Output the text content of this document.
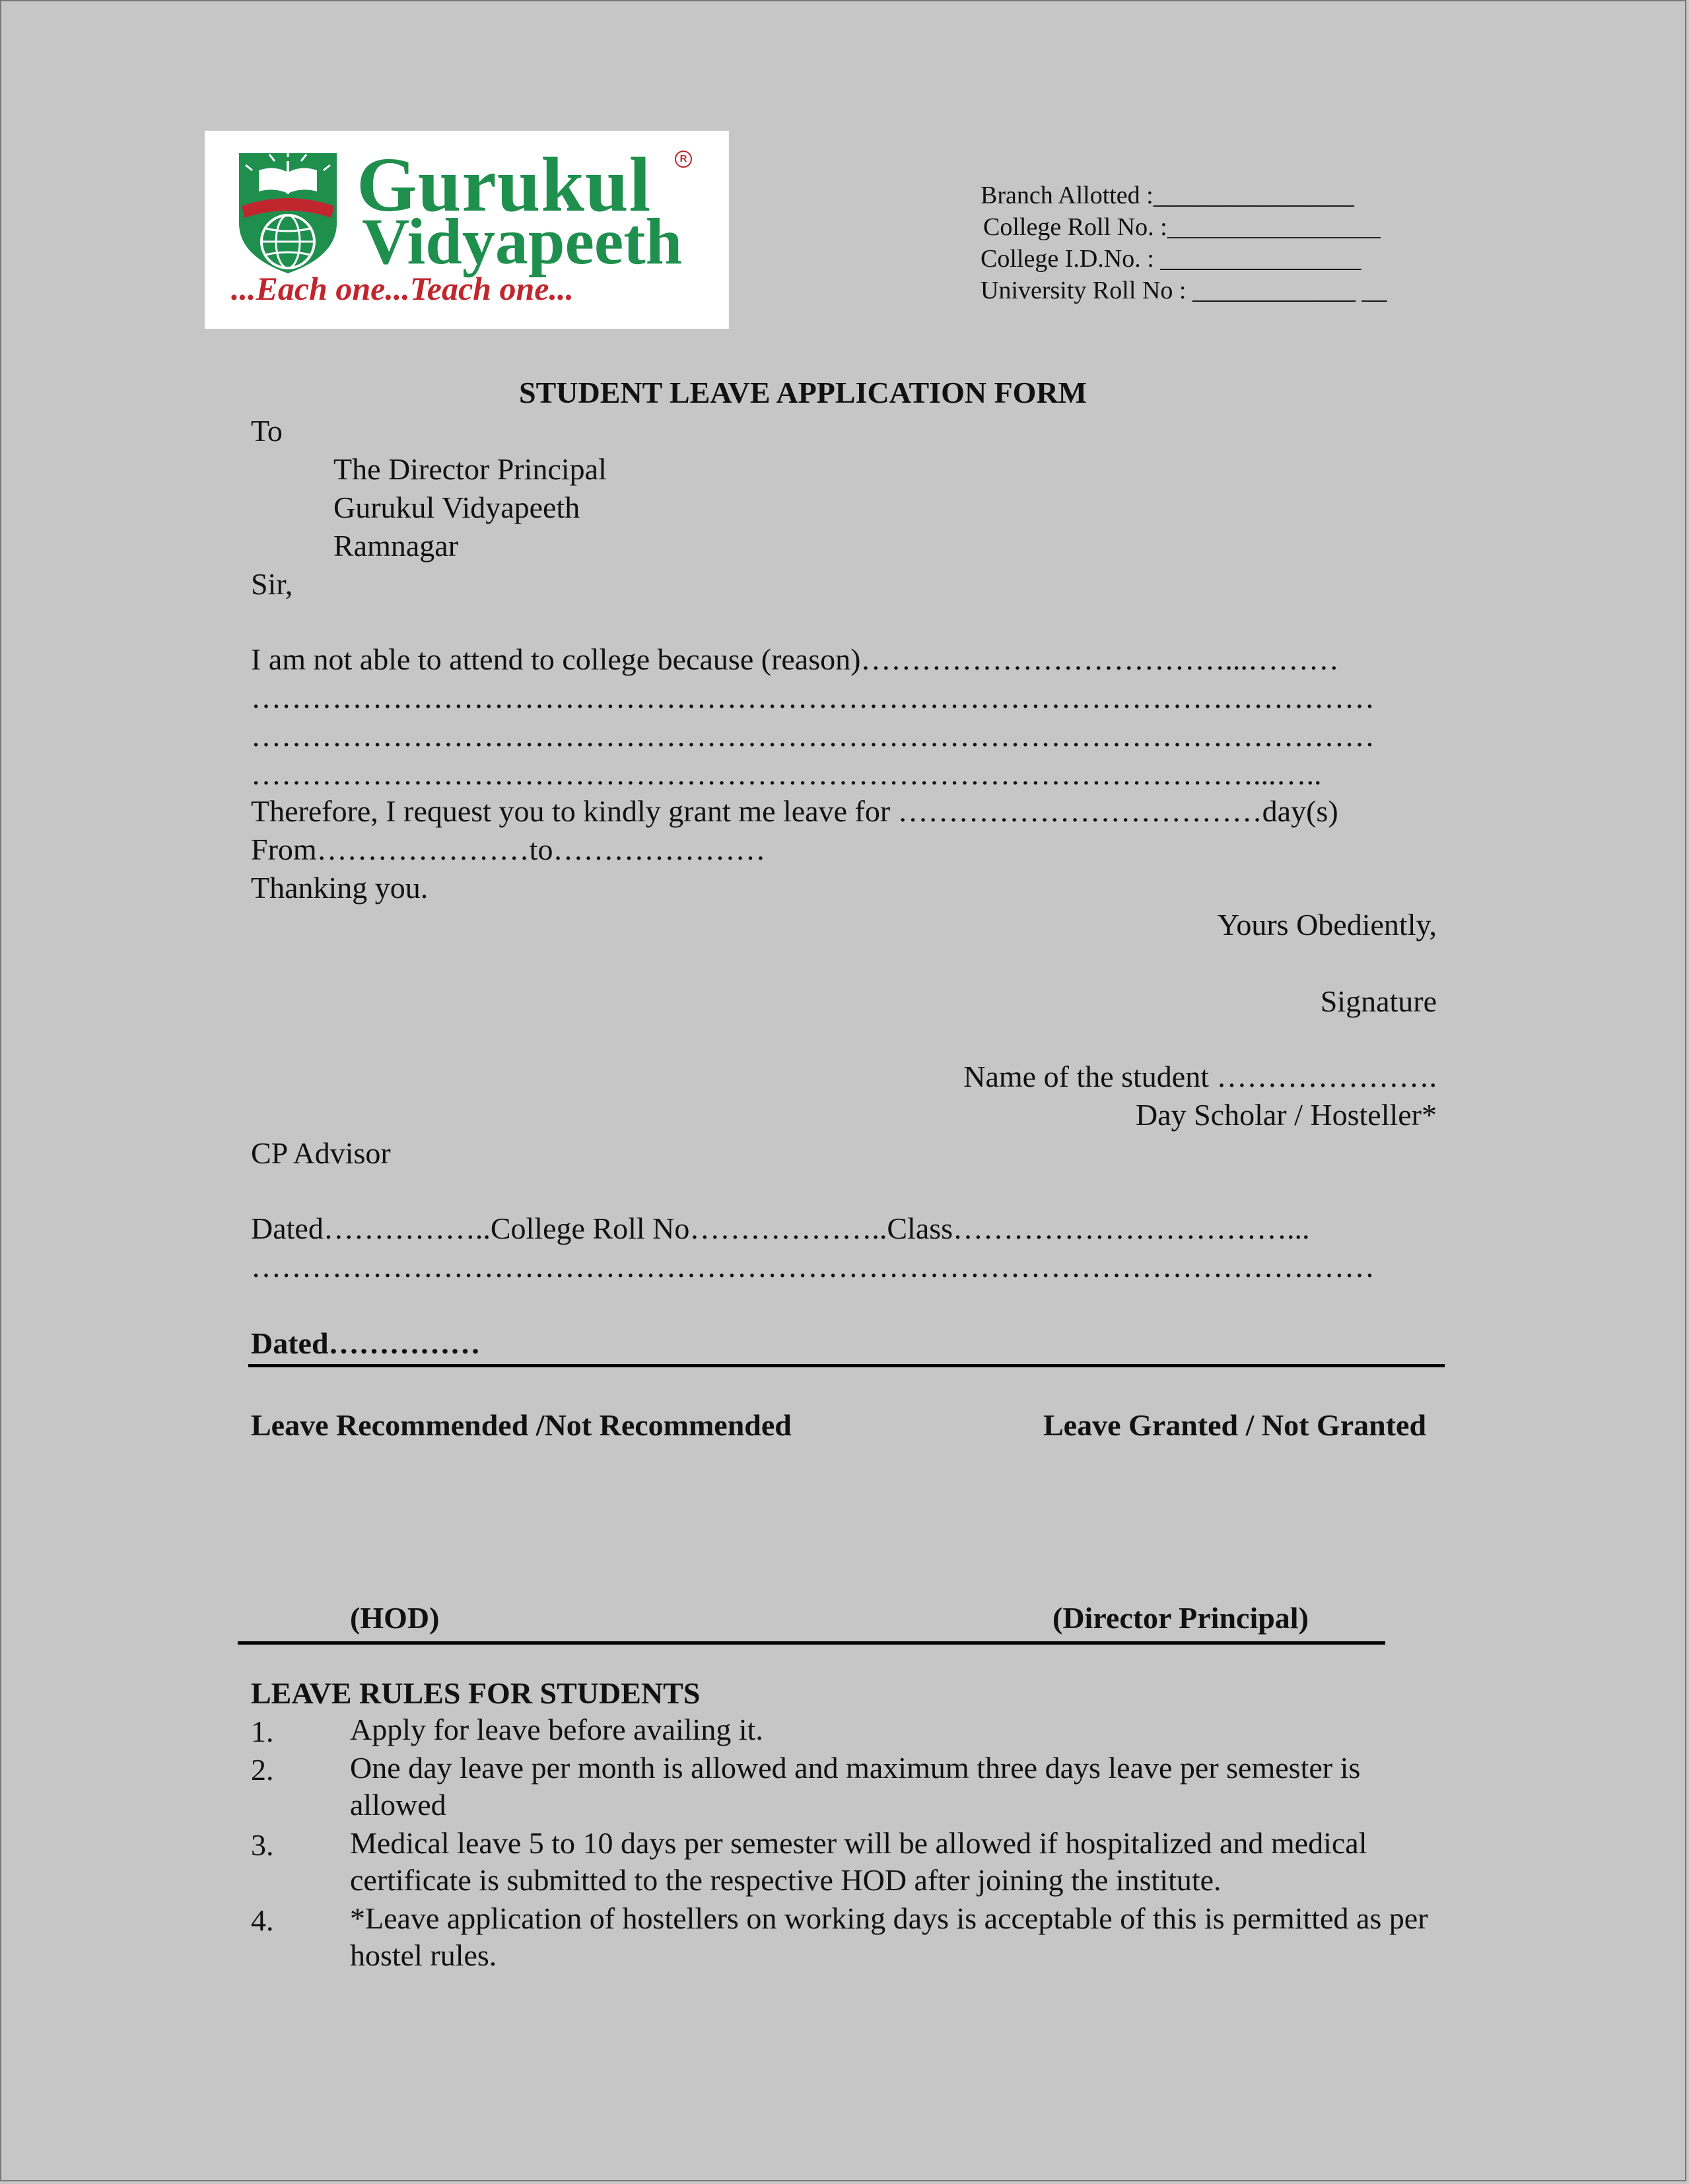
Gurukul	R
Vidyapeeth
...Each one...Teach one...
Branch Allotted :________________
College Roll No. :_________________
College I.D.No. : ________________
University Roll No : _____________ __
STUDENT LEAVE APPLICATION FORM
To
The Director Principal
Gurukul Vidyapeeth
Ramnagar
Sir,
I am not able to attend to college because (reason)………………………………...………
…………………………………………………………………………………………………
…………………………………………………………………………………………………
………………………………………………………………………………………...…..
Therefore, I request you to kindly grant me leave for ………………………………day(s)
From…………………to…………………
Thanking you.
Yours Obediently,
Signature
Name of the student ………………….
Day Scholar / Hosteller*
CP Advisor
Dated……………..College Roll No………………..Class……………………………...
…………………………………………………………………………………………………
Dated……………
Leave Recommended /Not Recommended	Leave Granted / Not Granted
(HOD)	(Director Principal)
LEAVE RULES FOR STUDENTS
1.	Apply for leave before availing it.
2.	One day leave per month is allowed and maximum three days leave per semester is allowed
3.	Medical leave 5 to 10 days per semester will be allowed if hospitalized and medical certificate is submitted to the respective HOD after joining the institute.
4.	*Leave application of hostellers on working days is acceptable of this is permitted as per hostel rules.
